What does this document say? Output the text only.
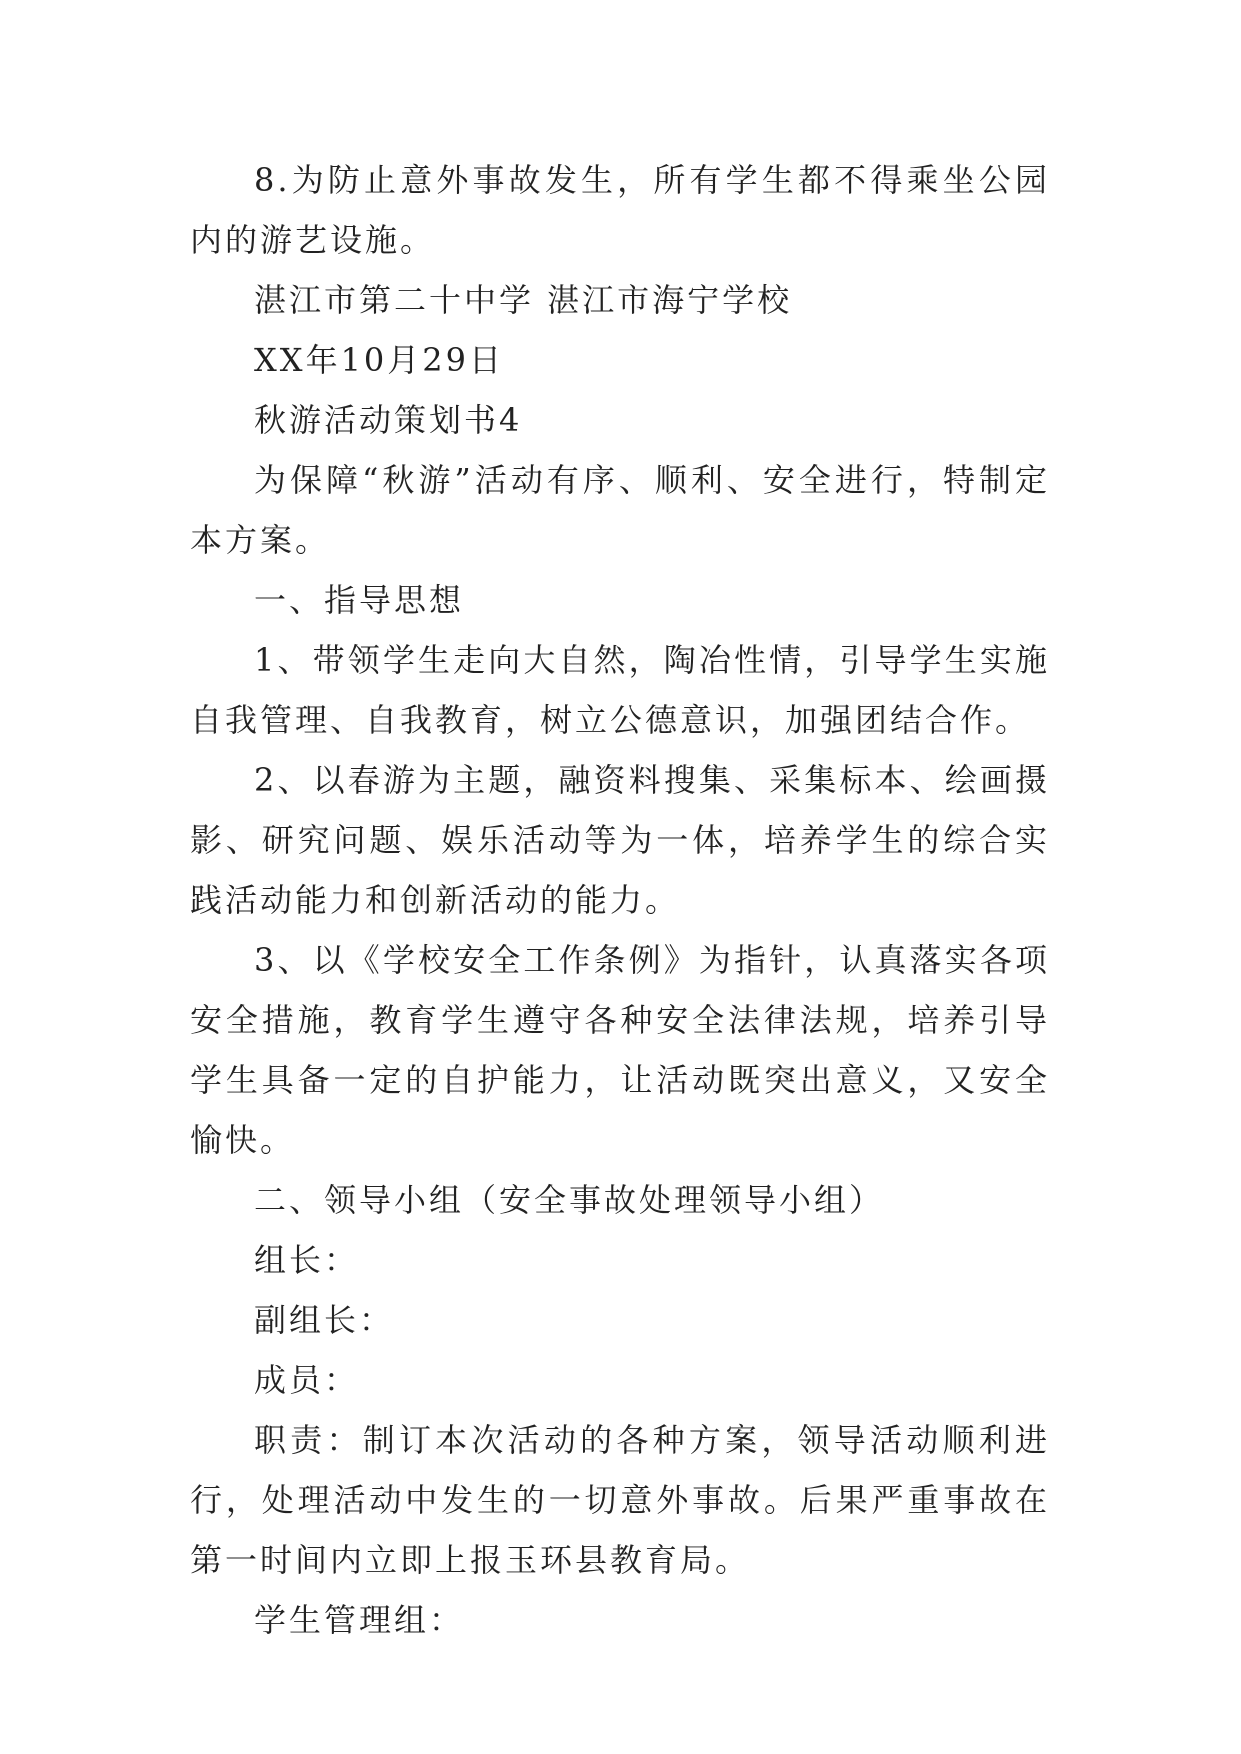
8.为防止意外事故发生，所有学生都不得乘坐公园内的游艺设施。

湛江市第二十中学 湛江市海宁学校

XX年10月29日

秋游活动策划书4

为保障“秋游”活动有序、顺利、安全进行，特制定本方案。

一、指导思想

1、带领学生走向大自然，陶冶性情，引导学生实施自我管理、自我教育，树立公德意识，加强团结合作。

2、以春游为主题，融资料搜集、采集标本、绘画摄影、研究问题、娱乐活动等为一体，培养学生的综合实践活动能力和创新活动的能力。

3、以《学校安全工作条例》为指针，认真落实各项安全措施，教育学生遵守各种安全法律法规，培养引导学生具备一定的自护能力，让活动既突出意义，又安全愉快。

二、领导小组（安全事故处理领导小组）

组长：

副组长：

成员：

职责：制订本次活动的各种方案，领导活动顺利进行，处理活动中发生的一切意外事故。后果严重事故在第一时间内立即上报玉环县教育局。

学生管理组：
